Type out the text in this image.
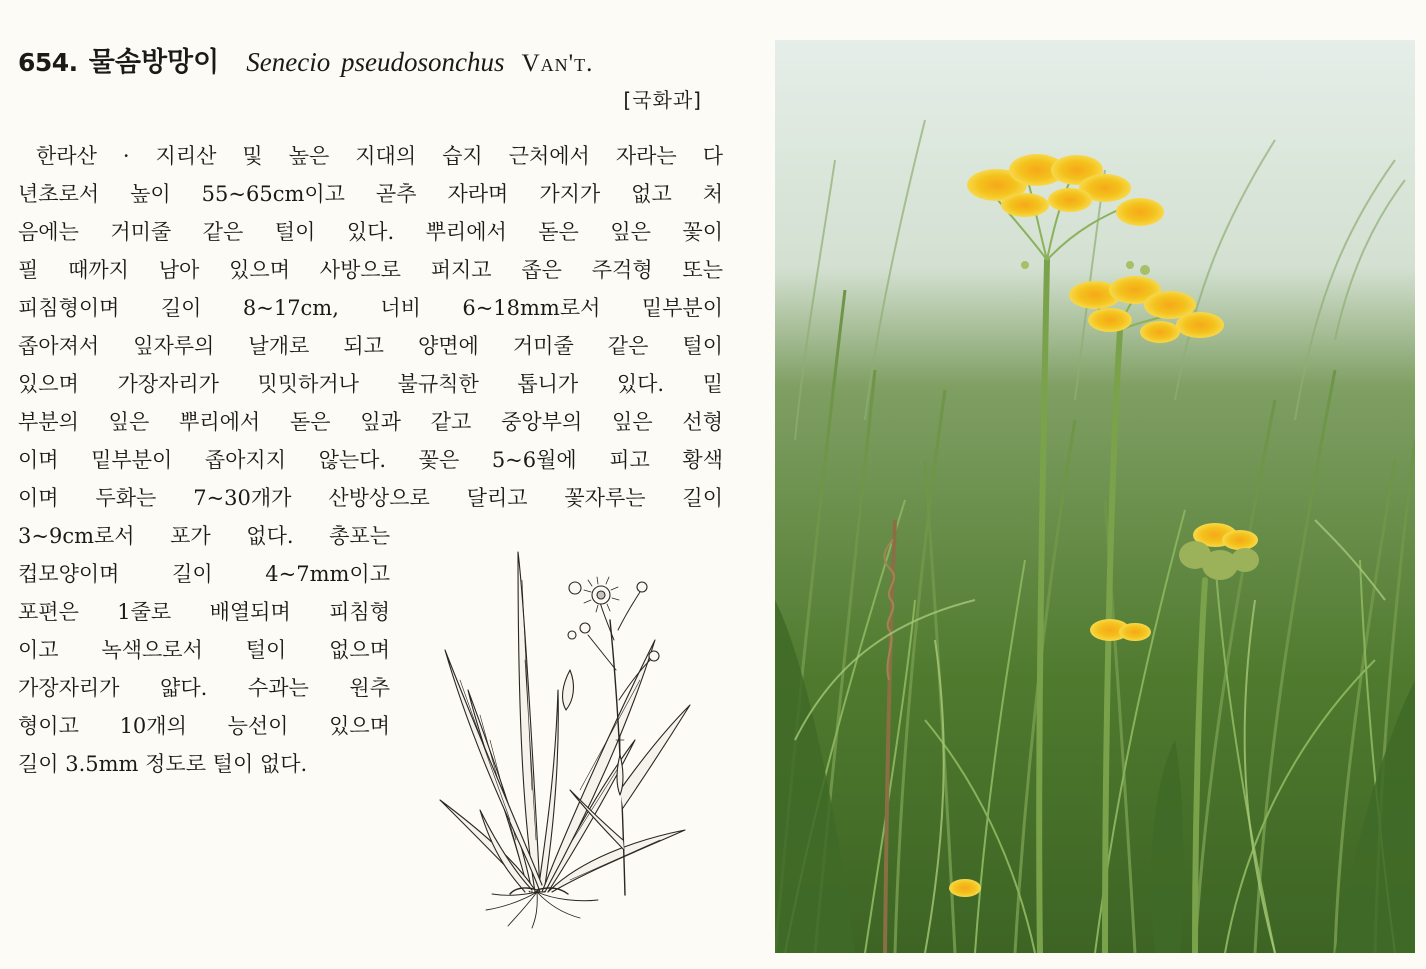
654. 물솜방망이 Senecio pseudosonchus Van't.
[국화과]
한라산 · 지리산 및 높은 지대의 습지 근처에서 자라는 다
년초로서 높이 55~65cm이고 곧추 자라며 가지가 없고 처
음에는 거미줄 같은 털이 있다. 뿌리에서 돋은 잎은 꽃이
필 때까지 남아 있으며 사방으로 퍼지고 좁은 주걱형 또는
피침형이며 길이 8~17cm, 너비 6~18mm로서 밑부분이
좁아져서 잎자루의 날개로 되고 양면에 거미줄 같은 털이
있으며 가장자리가 밋밋하거나 불규칙한 톱니가 있다. 밑
부분의 잎은 뿌리에서 돋은 잎과 같고 중앙부의 잎은 선형
이며 밑부분이 좁아지지 않는다. 꽃은 5~6월에 피고 황색
이며 두화는 7~30개가 산방상으로 달리고 꽃자루는 길이
3~9cm로서 포가 없다. 총포는
컵모양이며 길이 4~7mm이고
포편은 1줄로 배열되며 피침형
이고 녹색으로서 털이 없으며
가장자리가 얇다. 수과는 원추
형이고 10개의 능선이 있으며
길이 3.5mm 정도로 털이 없다.
